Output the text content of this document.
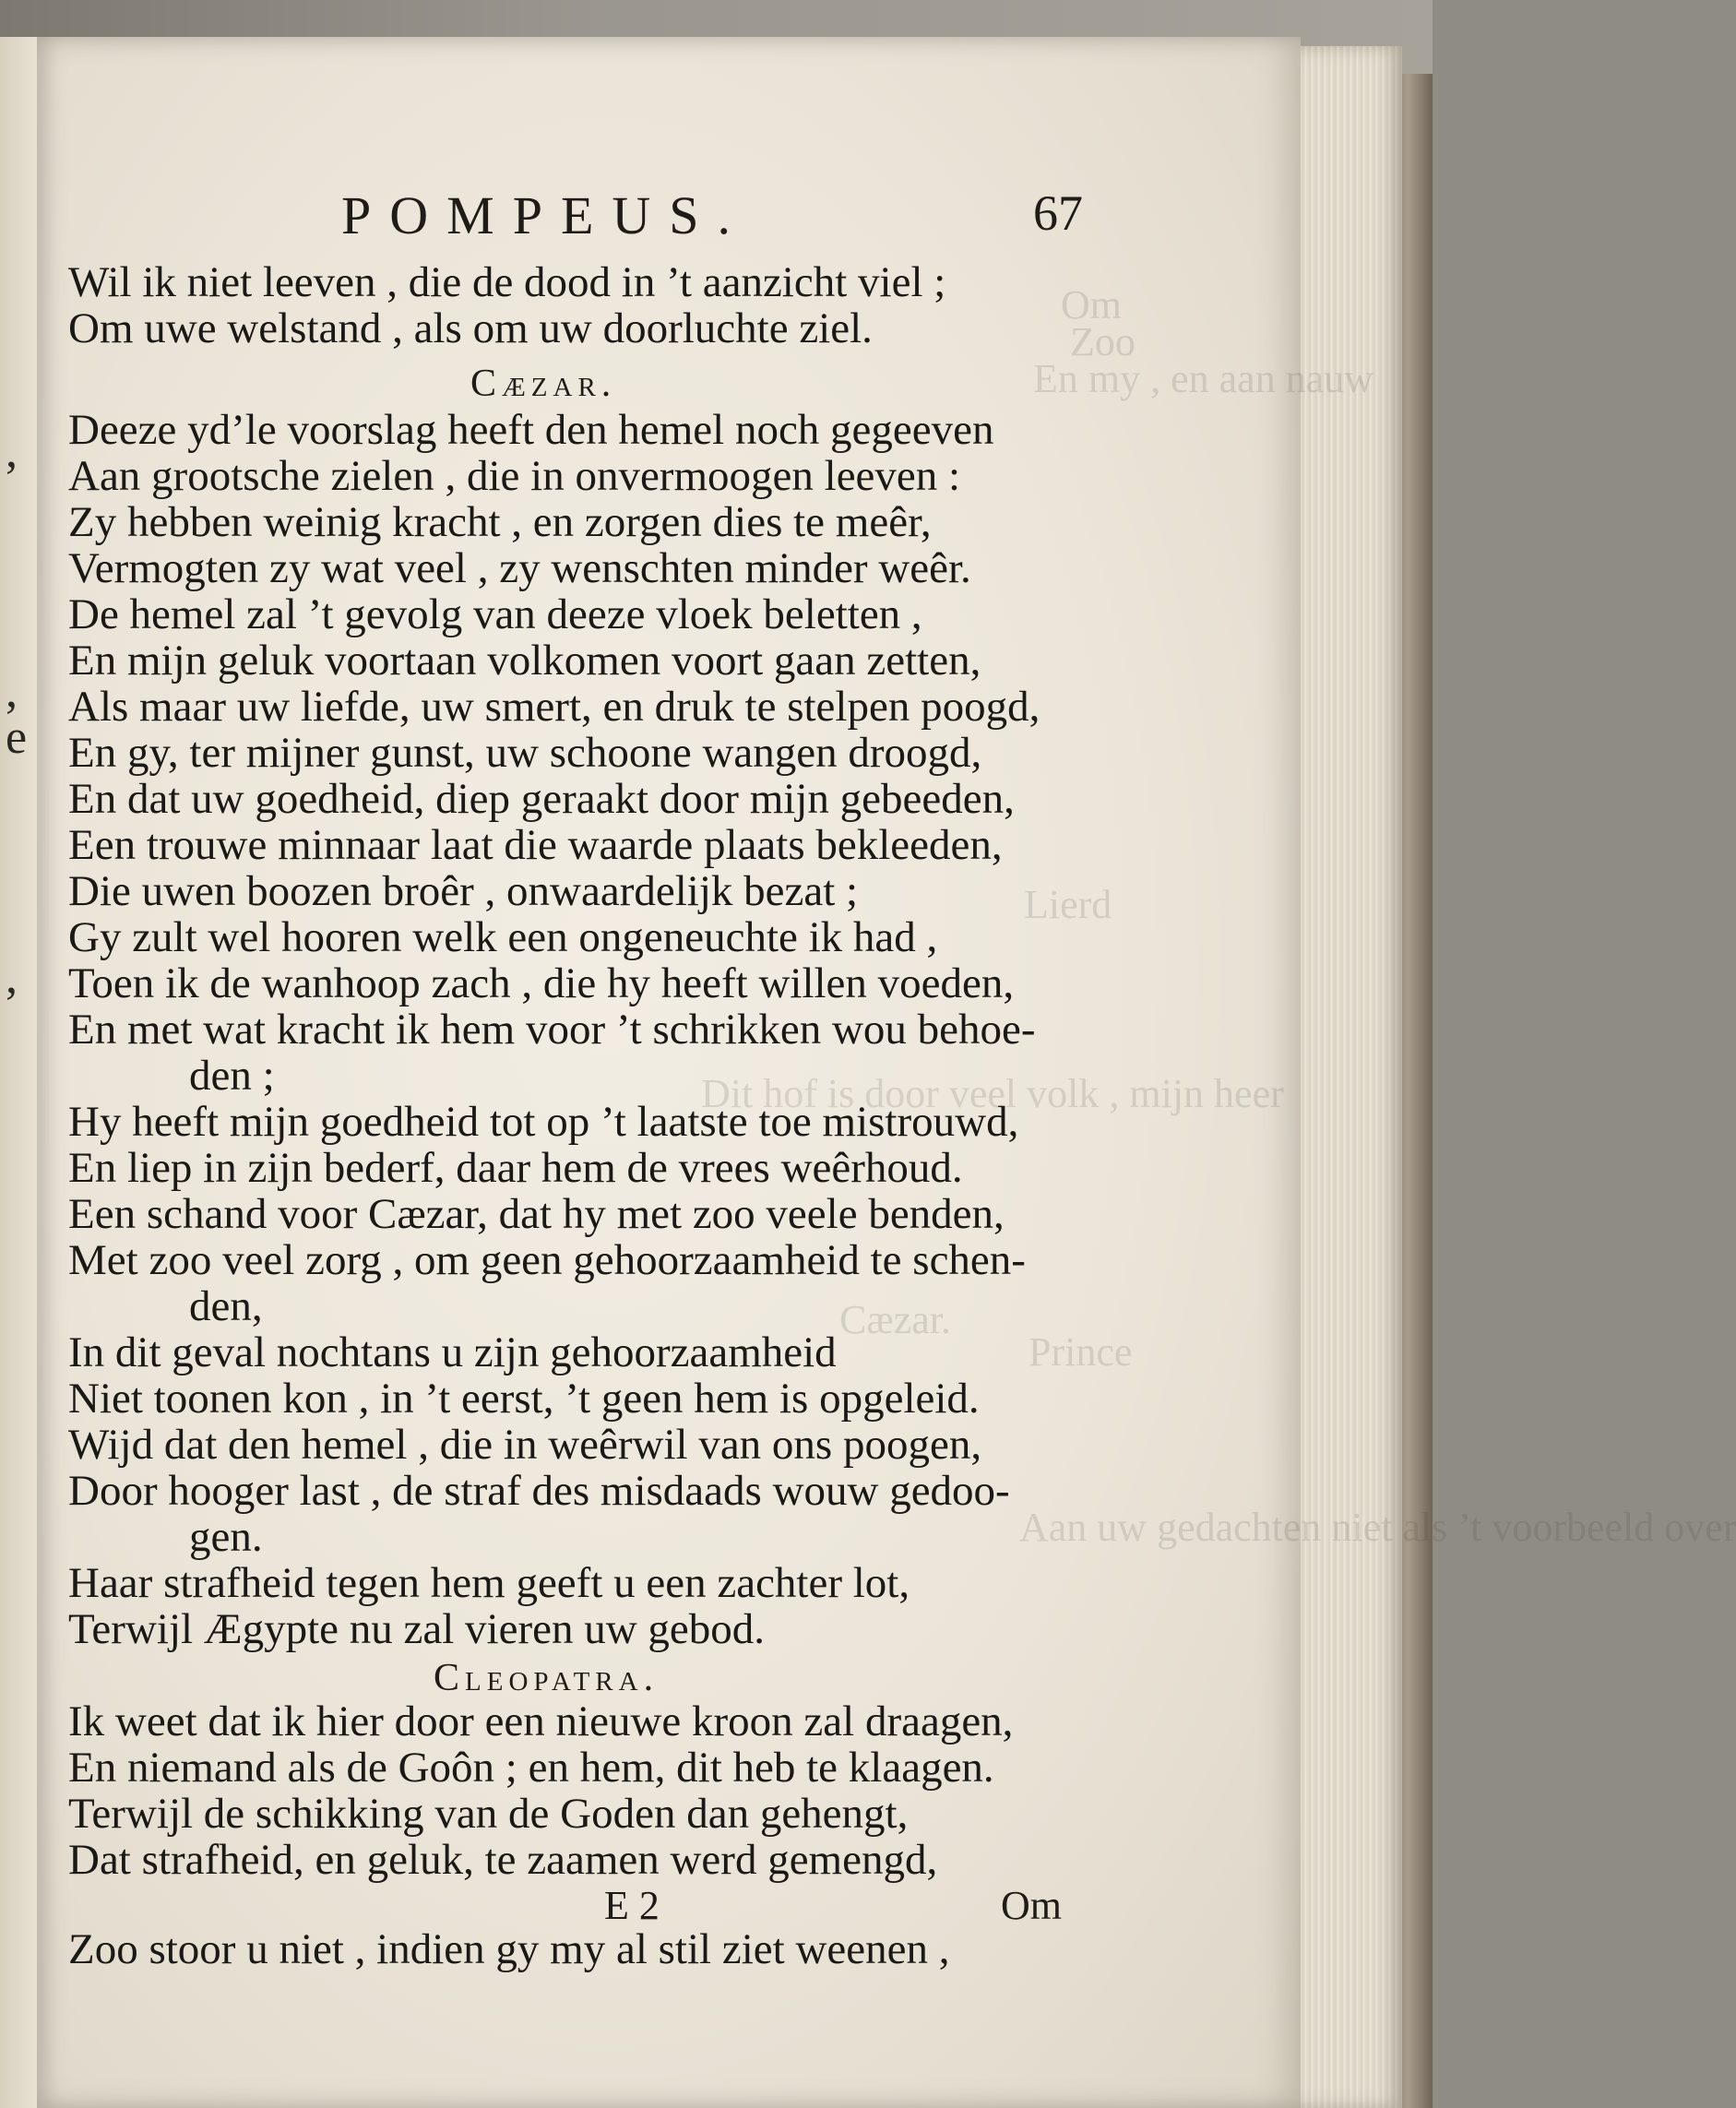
,
,
e
,
Om
Zoo
En my , en aan nauw
Lierd
Dit hof is door veel volk , mijn heer
Cæzar.
Prince
Aan uw gedachten niet als ’t voorbeeld over
POMPEUS.	67
Wil ik niet leeven , die de dood in ’t aanzicht viel ;
Om uwe welstand , als om uw doorluchte ziel.
Cæzar.
Deeze yd’le voorslag heeft den hemel noch gegeeven
Aan grootsche zielen , die in onvermoogen leeven :
Zy hebben weinig kracht , en zorgen dies te meêr,
Vermogten zy wat veel , zy wenschten minder weêr.
De hemel zal ’t gevolg van deeze vloek beletten ,
En mijn geluk voortaan volkomen voort gaan zetten,
Als maar uw liefde, uw smert, en druk te stelpen poogd,
En gy, ter mijner gunst, uw schoone wangen droogd,
En dat uw goedheid, diep geraakt door mijn gebeeden,
Een trouwe minnaar laat die waarde plaats bekleeden,
Die uwen boozen broêr , onwaardelijk bezat ;
Gy zult wel hooren welk een ongeneuchte ik had ,
Toen ik de wanhoop zach , die hy heeft willen voeden,
En met wat kracht ik hem voor ’t schrikken wou behoe-
den ;
Hy heeft mijn goedheid tot op ’t laatste toe mistrouwd,
En liep in zijn bederf, daar hem de vrees weêrhoud.
Een schand voor Cæzar, dat hy met zoo veele benden,
Met zoo veel zorg , om geen gehoorzaamheid te schen-
den,
In dit geval nochtans u zijn gehoorzaamheid
Niet toonen kon , in ’t eerst, ’t geen hem is opgeleid.
Wijd dat den hemel , die in weêrwil van ons poogen,
Door hooger last , de straf des misdaads wouw gedoo-
gen.
Haar strafheid tegen hem geeft u een zachter lot,
Terwijl Ægypte nu zal vieren uw gebod.
Cleopatra.
Ik weet dat ik hier door een nieuwe kroon zal draagen,
En niemand als de Goôn ; en hem, dit heb te klaagen.
Terwijl de schikking van de Goden dan gehengt,
Dat strafheid, en geluk, te zaamen werd gemengd,
Zoo stoor u niet , indien gy my al stil ziet weenen ,
E 2	Om
